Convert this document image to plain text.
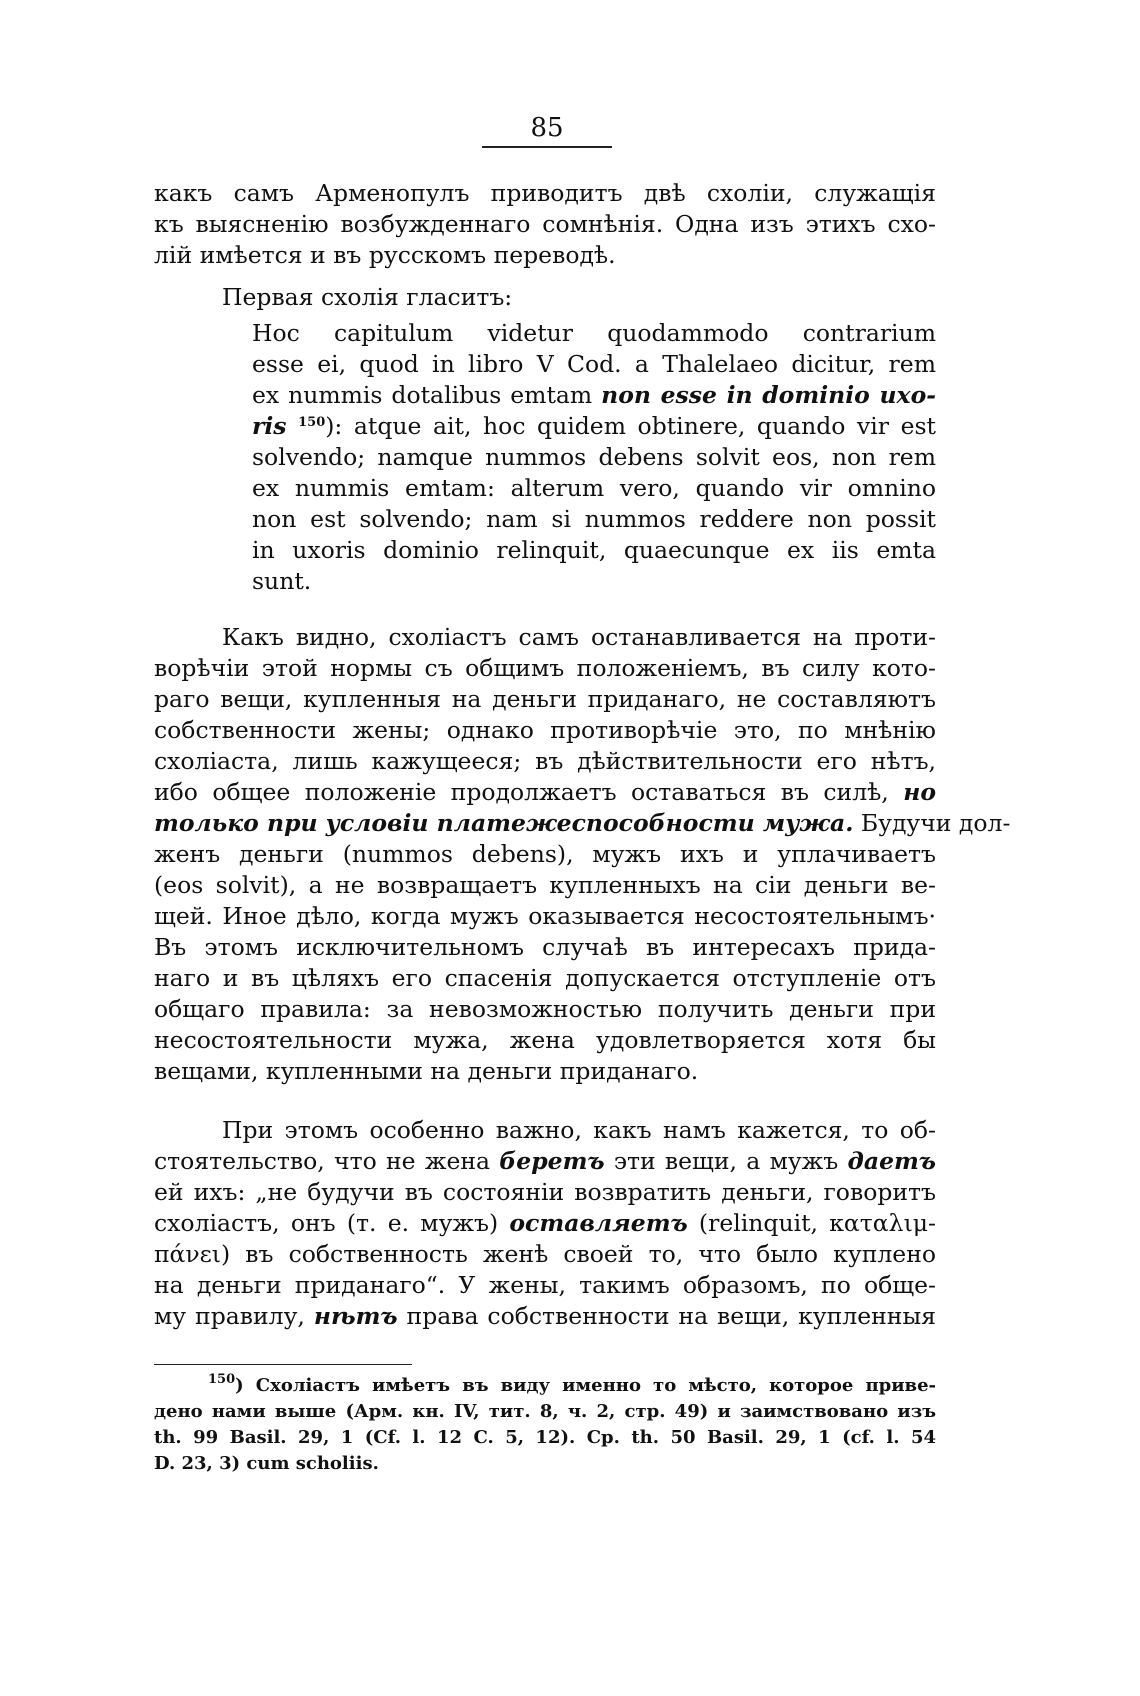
85
какъ самъ Арменопулъ приводитъ двѣ схоліи, служащія
къ выясненію возбужденнаго сомнѣнія. Одна изъ этихъ схо-
лій имѣется и въ русскомъ переводѣ.
Первая схолія гласитъ:
Hoc capitulum videtur quodammodo contrarium
esse ei, quod in libro V Cod. a Thalelaeo dicitur, rem
ex nummis dotalibus emtam non esse in dominio uxo-
ris $^{150}$): atque ait, hoc quidem obtinere, quando vir est
solvendo; namque nummos debens solvit eos, non rem
ex nummis emtam: alterum vero, quando vir omnino
non est solvendo; nam si nummos reddere non possit
in uxoris dominio relinquit, quaecunque ex iis emta
sunt.
Какъ видно, схоліастъ самъ останавливается на проти-
ворѣчіи этой нормы съ общимъ положеніемъ, въ силу кото-
раго вещи, купленныя на деньги приданаго, не составляютъ
собственности жены; однако противорѣчіе это, по мнѣнію
схоліаста, лишь кажущееся; въ дѣйствительности его нѣтъ,
ибо общее положеніе продолжаетъ оставаться въ силѣ, но
только при условіи платежеспособности мужа. Будучи дол-
женъ деньги (nummos debens), мужъ ихъ и уплачиваетъ
(eos solvit), а не возвращаетъ купленныхъ на сіи деньги ве-
щей. Иное дѣло, когда мужъ оказывается несостоятельнымъ·
Въ этомъ исключительномъ случаѣ въ интересахъ прида-
наго и въ цѣляхъ его спасенія допускается отступленіе отъ
общаго правила: за невозможностью получить деньги при
несостоятельности мужа, жена удовлетворяется хотя бы
вещами, купленными на деньги приданаго.
При этомъ особенно важно, какъ намъ кажется, то об-
стоятельство, что не жена беретъ эти вещи, а мужъ даетъ
ей ихъ: „не будучи въ состояніи возвратить деньги, говоритъ
схоліастъ, онъ (т. е. мужъ) оставляетъ (relinquit, καταλιμ-
πάνει) въ собственность женѣ своей то, что было куплено
на деньги приданаго“. У жены, такимъ образомъ, по обще-
му правилу, нѣтъ права собственности на вещи, купленныя
$^{150}$) Схоліастъ имѣетъ въ виду именно то мѣсто, которое приве-
дено нами выше (Арм. кн. IV, тит. 8, ч. 2, стр. 49) и заимствовано изъ
th. 99 Basil. 29, 1 (Cf. l. 12 C. 5, 12). Cp. th. 50 Basil. 29, 1 (cf. l. 54
D. 23, 3) cum scholiis.
